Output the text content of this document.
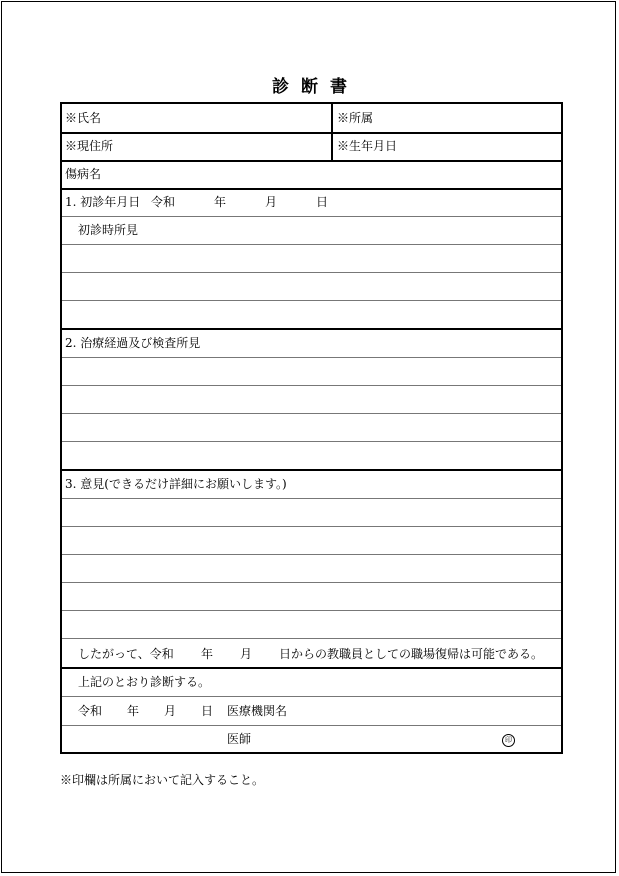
診断書
※氏名	※所属
※現住所	※生年月日
傷病名
1. 初診年月日 令和	年	月	日
初診時所見
2. 治療経過及び検査所見
3. 意見(できるだけ詳細にお願いします。)
したがって、令和 年 月 日からの教職員としての職場復帰は可能である。
上記のとおり診断する。
令和 年 月 日 医療機関名
医師	印
※印欄は所属において記入すること。
